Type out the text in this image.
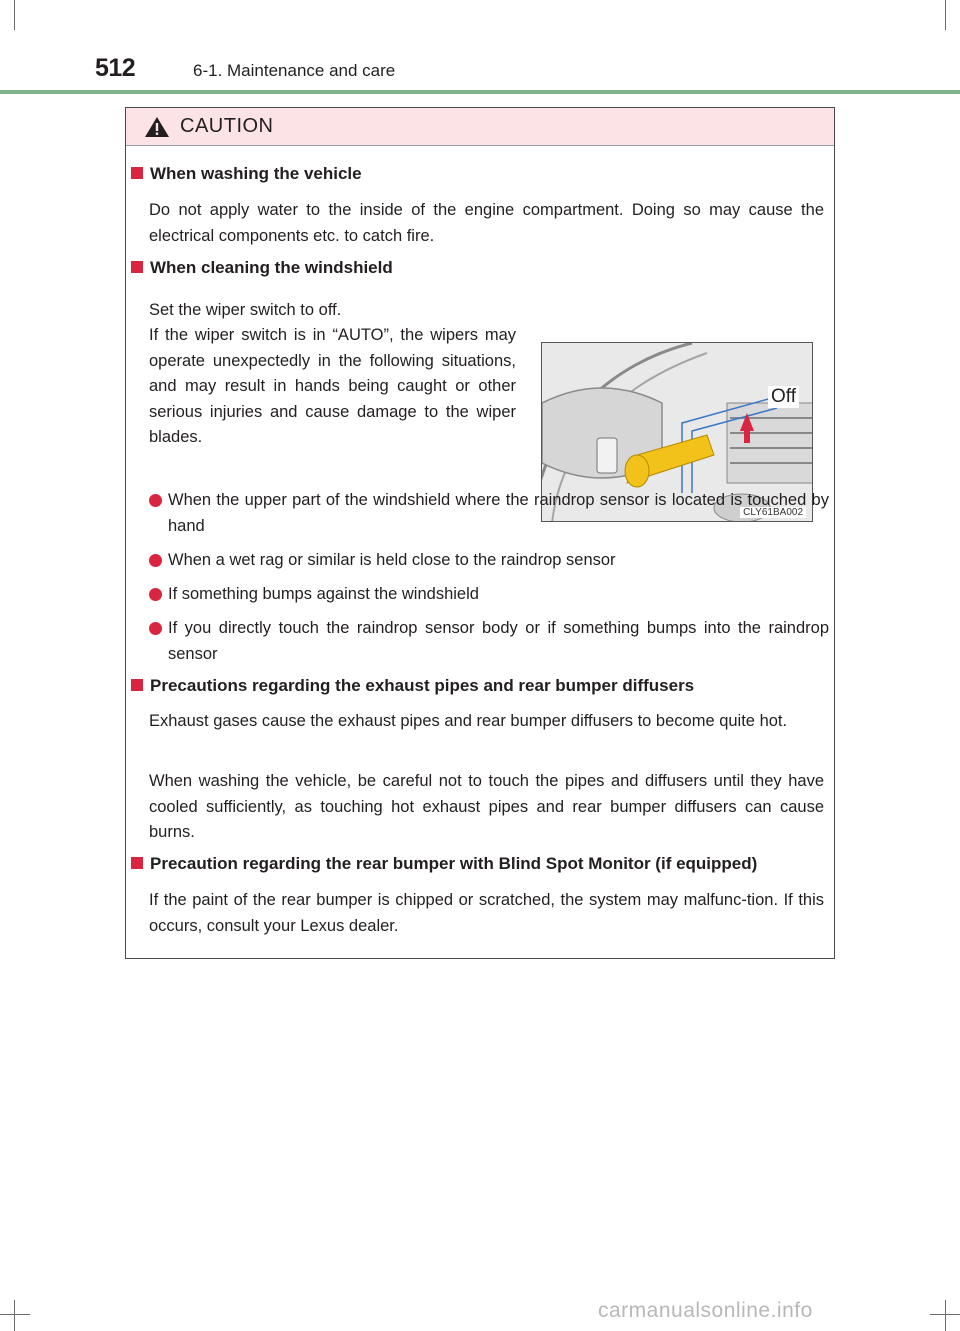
512	6-1. Maintenance and care
CAUTION
When washing the vehicle
Do not apply water to the inside of the engine compartment. Doing so may cause the electrical components etc. to catch fire.
When cleaning the windshield
Set the wiper switch to off.
If the wiper switch is in “AUTO”, the wipers may operate unexpectedly in the following situations, and may result in hands being caught or other serious injuries and cause damage to the wiper blades.
Off
CLY61BA002
When the upper part of the windshield where the raindrop sensor is located is touched by hand
When a wet rag or similar is held close to the raindrop sensor
If something bumps against the windshield
If you directly touch the raindrop sensor body or if something bumps into the raindrop sensor
Precautions regarding the exhaust pipes and rear bumper diffusers
Exhaust gases cause the exhaust pipes and rear bumper diffusers to become quite hot.
When washing the vehicle, be careful not to touch the pipes and diffusers until they have cooled sufficiently, as touching hot exhaust pipes and rear bumper diffusers can cause burns.
Precaution regarding the rear bumper with Blind Spot Monitor (if equipped)
If the paint of the rear bumper is chipped or scratched, the system may malfunc-tion. If this occurs, consult your Lexus dealer.
carmanualsonline.info
